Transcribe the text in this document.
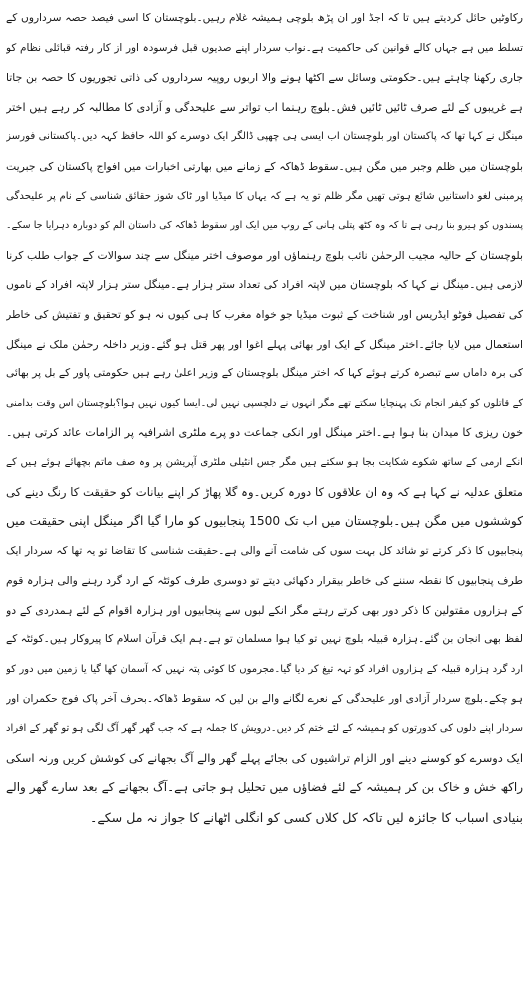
رکاوٹیں حائل کردیتے ہیں تا کہ اجڈ اور ان پڑھ بلوچی ہمیشہ غلام رہیں۔بلوچستان کا اسی فیصد حصہ سرداروں کے
تسلط میں ہے جہاں کالے قوانین کی حاکمیت ہے۔نواب سردار اپنے صدیوں قبل فرسودہ اور از کار رفتہ قبائلی نظام کو
جاری رکھنا چاہتے ہیں۔حکومتی وسائل سے اکٹھا ہونے والا اربوں روپیہ سرداروں کی ذاتی تجوریوں کا حصہ بن جاتا
ہے غریبوں کے لئے صرف ٹائیں ٹائیں فش۔بلوچ رہنما اب تواتر سے علیحدگی و آزادی کا مطالبہ کر رہے ہیں اختر
مینگل نے کہا تھا کہ پاکستان اور بلوچستان اب ایسی ہی چھپی ڈالگر ایک دوسرے کو اللہ حافظ کہہ دیں۔پاکستانی فورسز
بلوچستان میں ظلم وجبر میں مگن ہیں۔سقوط ڈھاکہ کے زمانے میں بھارتی اخبارات میں افواج پاکستان کی جبریت
پرمبنی لغو داستانیں شائع ہوتی تھیں مگر ظلم تو یہ ہے کہ یہاں کا میڈیا اور ٹاک شوز حقائق شناسی کے نام پر علیحدگی
پسندوں کو ہیرو بنا رہی ہے تا کہ وہ کٹھ پتلی ہانی کے روپ میں ایک اور سقوط ڈھاکہ کی داستان الم کو دوبارہ دہرایا جا سکے۔
بلوچستان کے حالیہ مجیب الرحمٰن نائب بلوچ رہنماؤں اور موصوف اختر مینگل سے چند سوالات کے جواب طلب کرنا
لازمی ہیں۔مینگل نے کہا کہ بلوچستان میں لاپتہ افراد کی تعداد ستر ہزار ہے۔مینگل ستر ہزار لاپتہ افراد کے ناموں
کی تفصیل فوٹو ایڈریس اور شناخت کے ثبوت میڈیا جو خواہ مغرب کا ہی کیوں نہ ہو کو تحقیق و تفتیش کی خاطر
استعمال میں لایا جائے۔اختر مینگل کے ایک اور بھائی پہلے اغوا اور پھر قتل ہو گئے۔وزیر داخلہ رحمٰن ملک نے مینگل
کی برہ داماں سے تبصرہ کرتے ہوئے کہا کہ اختر مینگل بلوچستان کے وزیر اعلیٰ رہے ہیں حکومتی پاور کے بل پر بھائی
کے قاتلوں کو کیفر انجام تک پہنچایا سکتے تھے مگر انہوں نے دلچسپی نہیں لی۔ایسا کیوں نہیں ہوا؟بلوچستان اس وقت بدامنی
خون ریزی کا میدان بنا ہوا ہے۔اختر مینگل اور انکی جماعت دو پرے ملٹری اشرافیہ پر الزامات عائد کرتی ہیں۔
انکے ارمی کے ساتھ شکوے شکایت بجا ہو سکتے ہیں مگر جس انٹیلی ملٹری آپریشن پر وہ صف ماتم بچھائے ہوئے ہیں کے
متعلق عدلیہ نے کہا ہے کہ وہ ان علاقوں کا دورہ کریں۔وہ گلا پھاڑ کر اپنے بیانات کو حقیقت کا رنگ دینے کی
کوششوں میں مگن ہیں۔بلوچستان میں اب تک 1500 پنجابیوں کو مارا گیا اگر مینگل اپنی حقیقت میں
پنجابیوں کا ذکر کرتے تو شائد کل بہت سوں کی شامت آنے والی ہے۔حقیقت شناسی کا تقاضا تو یہ تھا کہ سردار ایک
طرف پنجابیوں کا نقطہ سننے کی خاطر بیقرار دکھائی دیتے تو دوسری طرف کوئٹہ کے ارد گرد رہنے والی ہزارہ قوم
کے ہزاروں مقتولین کا ذکر دور بھی کرتے رہتے مگر انکے لبوں سے پنجابیوں اور ہزارہ اقوام کے لئے ہمدردی کے دو
لفظ بھی انجان بن گئے۔ہزارہ قبیلہ بلوچ نہیں تو کیا ہوا مسلمان تو ہے۔ہم ایک قرآن اسلام کا پیروکار ہیں۔کوئٹہ کے
ارد گرد ہزارہ قبیلہ کے ہزاروں افراد کو تہہ تیغ کر دیا گیا۔مجرموں کا کوئی پتہ نہیں کہ آسمان کھا گیا یا زمین میں دور کو
ہو چکے۔بلوچ سردار آزادی اور علیحدگی کے نعرے لگانے والے بن لیں کہ سقوط ڈھاکہ۔بحرف آخر پاک فوج حکمران اور
سردار اپنے دلوں کی کدورتوں کو ہمیشہ کے لئے ختم کر دیں۔درویش کا جملہ ہے کہ جب گھر گھر آگ لگی ہو تو گھر کے افراد
ایک دوسرے کو کوسنے دینے اور الزام تراشیوں کی بجائے پہلے گھر والے آگ بجھانے کی کوشش کریں ورنہ اسکی
راکھ خش و خاک بن کر ہمیشہ کے لئے فضاؤں میں تحلیل ہو جاتی ہے۔آگ بجھانے کے بعد سارے گھر والے
بنیادی اسباب کا جائزہ لیں تاکہ کل کلاں کسی کو انگلی اٹھانے کا جواز نہ مل سکے۔
